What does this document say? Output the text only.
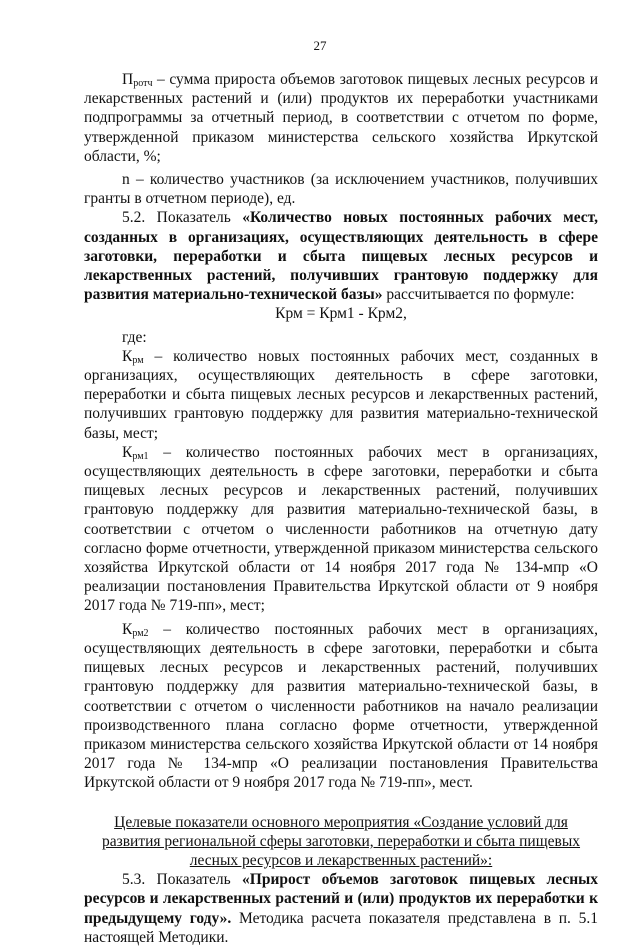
27

$П_{ротч}$ – сумма прироста объемов заготовок пищевых лесных ресурсов и лекарственных растений и (или) продуктов их переработки участниками подпрограммы за отчетный период, в соответствии с отчетом по форме, утвержденной приказом министерства сельского хозяйства Иркутской области, %;

n – количество участников (за исключением участников, получивших гранты в отчетном периоде), ед.

5.2. Показатель «Количество новых постоянных рабочих мест, созданных в организациях, осуществляющих деятельность в сфере заготовки, переработки и сбыта пищевых лесных ресурсов и лекарственных растений, получивших грантовую поддержку для развития материально-технической базы» рассчитывается по формуле:

Крм = Крм1 - Крм2,

где:

$К_{рм}$ – количество новых постоянных рабочих мест, созданных в организациях, осуществляющих деятельность в сфере заготовки, переработки и сбыта пищевых лесных ресурсов и лекарственных растений, получивших грантовую поддержку для развития материально-технической базы, мест;

$К_{рм1}$ – количество постоянных рабочих мест в организациях, осуществляющих деятельность в сфере заготовки, переработки и сбыта пищевых лесных ресурсов и лекарственных растений, получивших грантовую поддержку для развития материально-технической базы, в соответствии с отчетом о численности работников на отчетную дату согласно форме отчетности, утвержденной приказом министерства сельского хозяйства Иркутской области от 14 ноября 2017 года № 134-мпр «О реализации постановления Правительства Иркутской области от 9 ноября 2017 года № 719-пп», мест;

$К_{рм2}$ – количество постоянных рабочих мест в организациях, осуществляющих деятельность в сфере заготовки, переработки и сбыта пищевых лесных ресурсов и лекарственных растений, получивших грантовую поддержку для развития материально-технической базы, в соответствии с отчетом о численности работников на начало реализации производственного плана согласно форме отчетности, утвержденной приказом министерства сельского хозяйства Иркутской области от 14 ноября 2017 года № 134-мпр «О реализации постановления Правительства Иркутской области от 9 ноября 2017 года № 719-пп», мест.

Целевые показатели основного мероприятия «Создание условий для развития региональной сферы заготовки, переработки и сбыта пищевых лесных ресурсов и лекарственных растений»:

5.3. Показатель «Прирост объемов заготовок пищевых лесных ресурсов и лекарственных растений и (или) продуктов их переработки к предыдущему году». Методика расчета показателя представлена в п. 5.1 настоящей Методики.
